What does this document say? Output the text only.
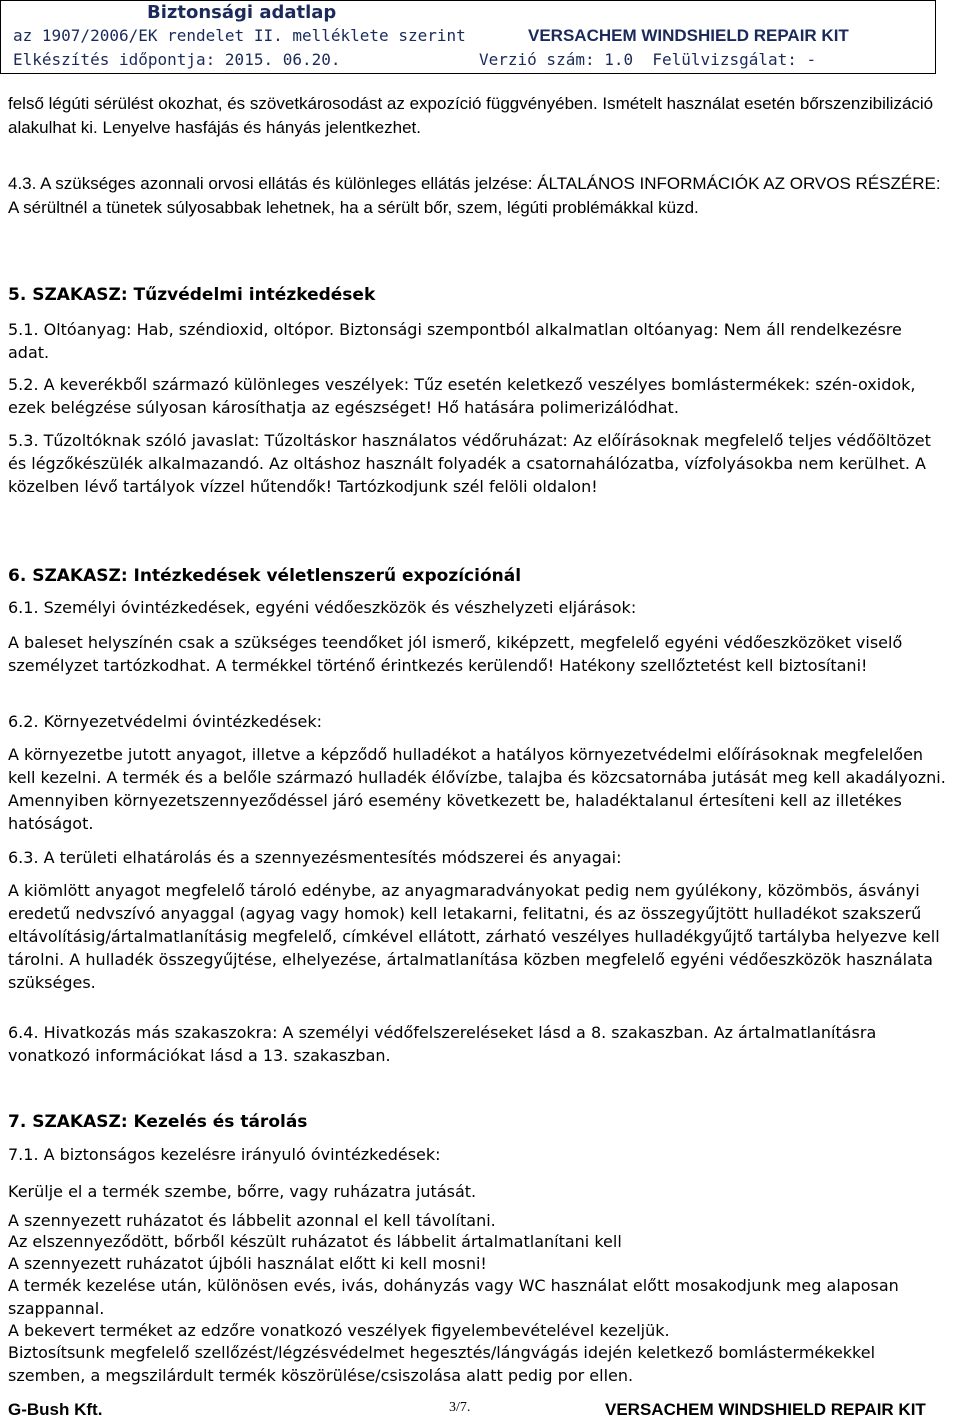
Biztonsági adatlap
az 1907/2006/EK rendelet II. melléklete szerint	VERSACHEM WINDSHIELD REPAIR KIT
Elkészítés időpontja: 2015. 06.20.	Verzió szám: 1.0  Felülvizsgálat: -
felső légúti sérülést okozhat, és szövetkárosodást az expozíció függvényében. Ismételt használat esetén bőrszenzibilizáció alakulhat ki. Lenyelve hasfájás és hányás jelentkezhet.
4.3. A szükséges azonnali orvosi ellátás és különleges ellátás jelzése: ÁLTALÁNOS INFORMÁCIÓK AZ ORVOS RÉSZÉRE: A sérültnél a tünetek súlyosabbak lehetnek, ha a sérült bőr, szem, légúti problémákkal küzd.
5. SZAKASZ: Tűzvédelmi intézkedések
5.1. Oltóanyag: Hab, széndioxid, oltópor. Biztonsági szempontból alkalmatlan oltóanyag: Nem áll rendelkezésre adat.
5.2. A keverékből származó különleges veszélyek: Tűz esetén keletkező veszélyes bomlástermékek: szén-oxidok, ezek belégzése súlyosan károsíthatja az egészséget! Hő hatására polimerizálódhat.
5.3. Tűzoltóknak szóló javaslat: Tűzoltáskor használatos védőruházat: Az előírásoknak megfelelő teljes védőöltözet és légzőkészülék alkalmazandó. Az oltáshoz használt folyadék a csatornahálózatba, vízfolyásokba nem kerülhet. A közelben lévő tartályok vízzel hűtendők! Tartózkodjunk szél felöli oldalon!
6. SZAKASZ: Intézkedések véletlenszerű expozíciónál
6.1. Személyi óvintézkedések, egyéni védőeszközök és vészhelyzeti eljárások:
A baleset helyszínén csak a szükséges teendőket jól ismerő, kiképzett, megfelelő egyéni védőeszközöket viselő személyzet tartózkodhat. A termékkel történő érintkezés kerülendő! Hatékony szellőztetést kell biztosítani!
6.2. Környezetvédelmi óvintézkedések:
A környezetbe jutott anyagot, illetve a képződő hulladékot a hatályos környezetvédelmi előírásoknak megfelelően kell kezelni. A termék és a belőle származó hulladék élővízbe, talajba és közcsatornába jutását meg kell akadályozni. Amennyiben környezetszennyeződéssel járó esemény következett be, haladéktalanul értesíteni kell az illetékes hatóságot.
6.3. A területi elhatárolás és a szennyezésmentesítés módszerei és anyagai:
A kiömlött anyagot megfelelő tároló edénybe, az anyagmaradványokat pedig nem gyúlékony, közömbös, ásványi eredetű nedvszívó anyaggal (agyag vagy homok) kell letakarni, felitatni, és az összegyűjtött hulladékot szakszerű eltávolításig/ártalmatlanításig megfelelő, címkével ellátott, zárható veszélyes hulladékgyűjtő tartályba helyezve kell tárolni. A hulladék összegyűjtése, elhelyezése, ártalmatlanítása közben megfelelő egyéni védőeszközök használata szükséges.
6.4. Hivatkozás más szakaszokra: A személyi védőfelszereléseket lásd a 8. szakaszban. Az ártalmatlanításra vonatkozó információkat lásd a 13. szakaszban.
7. SZAKASZ: Kezelés és tárolás
7.1. A biztonságos kezelésre irányuló óvintézkedések:
Kerülje el a termék szembe, bőrre, vagy ruházatra jutását.
A szennyezett ruházatot és lábbelit azonnal el kell távolítani.
Az elszennyeződött, bőrből készült ruházatot és lábbelit ártalmatlanítani kell
A szennyezett ruházatot újbóli használat előtt ki kell mosni!
A termék kezelése után, különösen evés, ivás, dohányzás vagy WC használat előtt mosakodjunk meg alaposan szappannal.
A bekevert terméket az edzőre vonatkozó veszélyek figyelembevételével kezeljük.
Biztosítsunk megfelelő szellőzést/légzésvédelmet hegesztés/lángvágás idején keletkező bomlástermékekkel szemben, a megszilárdult termék köszörülése/csiszolása alatt pedig por ellen.
G-Bush Kft.	3/7.	VERSACHEM WINDSHIELD REPAIR KIT
